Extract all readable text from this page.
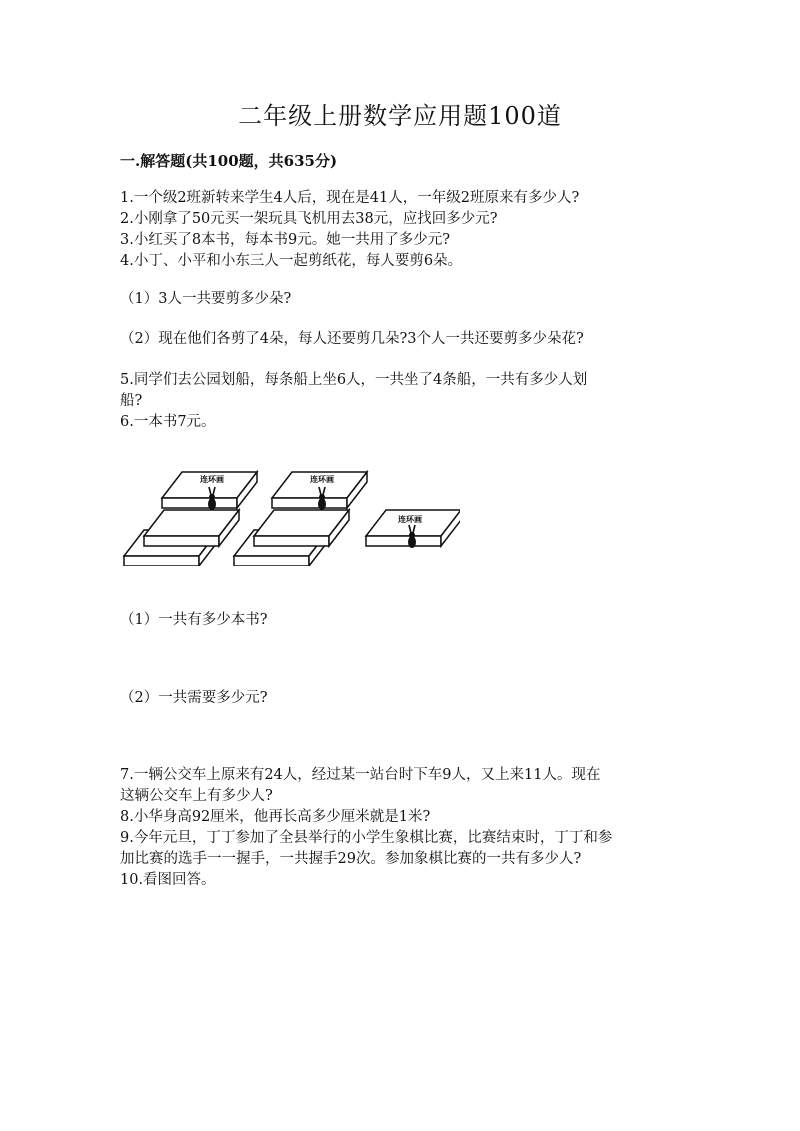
二年级上册数学应用题100道
一.解答题(共100题，共635分)
1.一个级2班新转来学生4人后，现在是41人，一年级2班原来有多少人?
2.小刚拿了50元买一架玩具飞机用去38元，应找回多少元?
3.小红买了8本书，每本书9元。她一共用了多少元?
4.小丁、小平和小东三人一起剪纸花，每人要剪6朵。
（1）3人一共要剪多少朵?
（2）现在他们各剪了4朵，每人还要剪几朵?3个人一共还要剪多少朵花?
5.同学们去公园划船，每条船上坐6人，一共坐了4条船，一共有多少人划
船?
6.一本书7元。
连环画	连环画
连环画
（1）一共有多少本书?
（2）一共需要多少元?
7.一辆公交车上原来有24人，经过某一站台时下车9人，又上来11人。现在
这辆公交车上有多少人?
8.小华身高92厘米，他再长高多少厘米就是1米?
9.今年元旦，丁丁参加了全县举行的小学生象棋比赛，比赛结束时，丁丁和参
加比赛的选手一一握手，一共握手29次。参加象棋比赛的一共有多少人?
10.看图回答。
